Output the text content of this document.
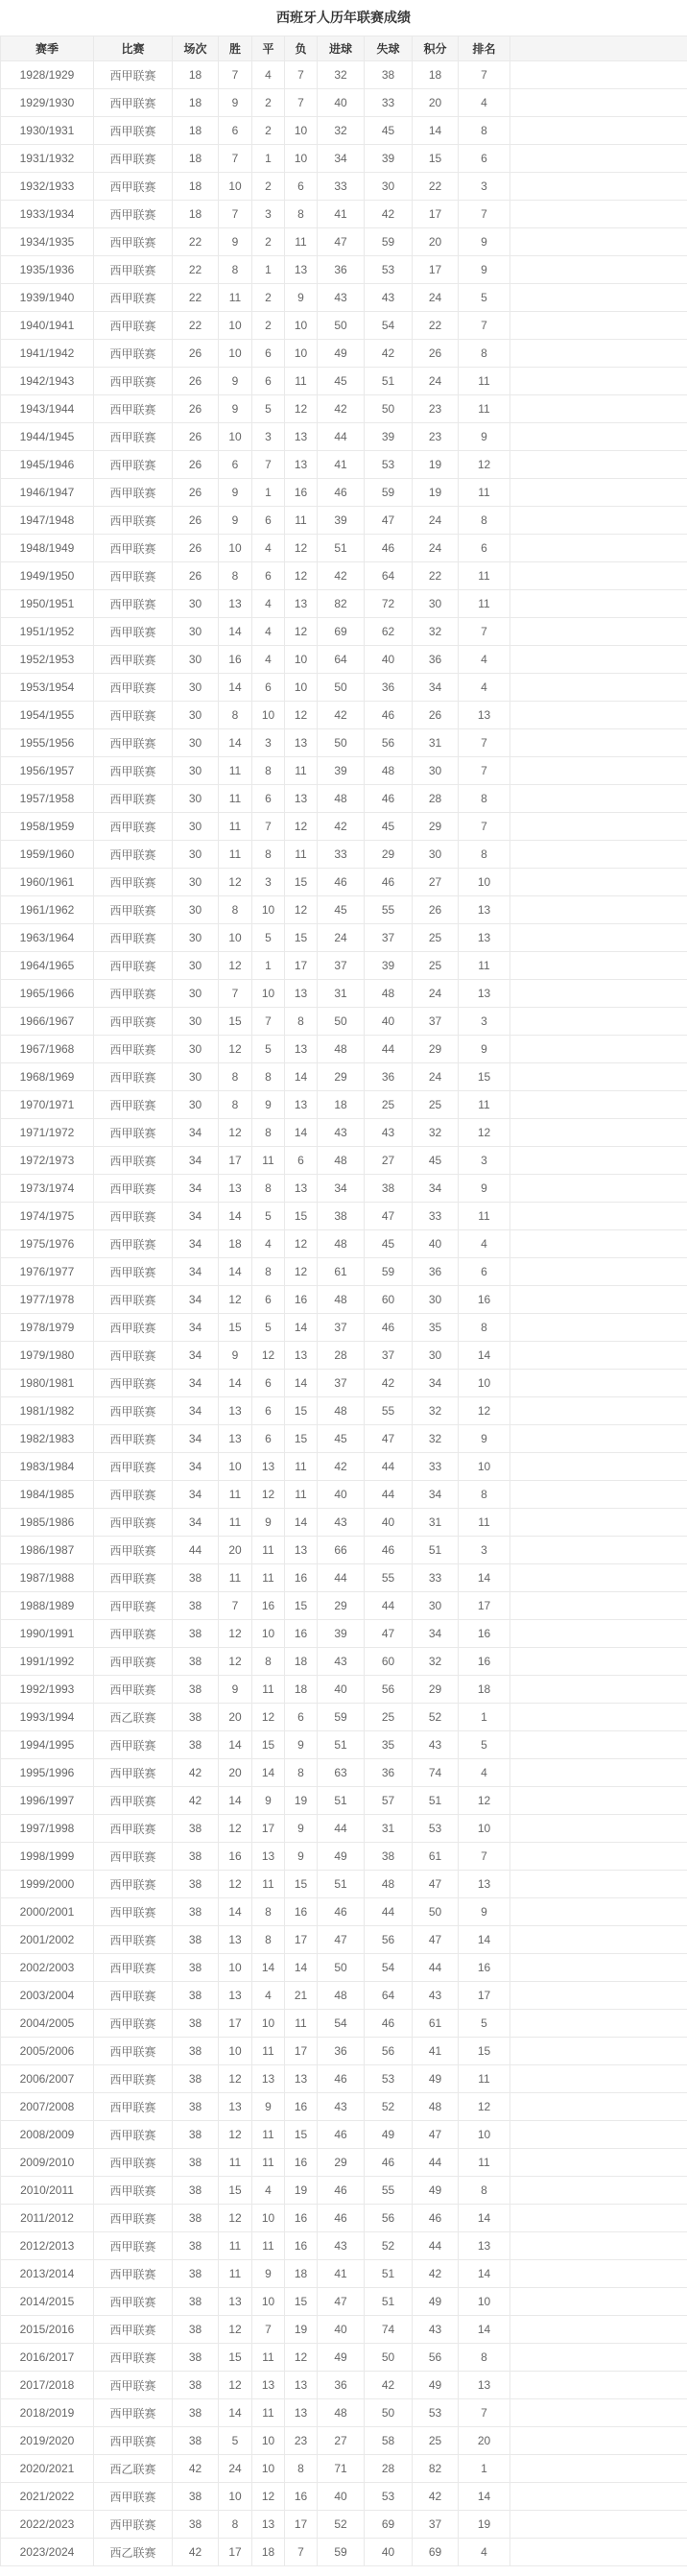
西班牙人历年联赛成绩
赛季	比赛	场次	胜	平	负	进球	失球	积分	排名	
1928/1929	西甲联赛	18	7	4	7	32	38	18	7	
1929/1930	西甲联赛	18	9	2	7	40	33	20	4	
1930/1931	西甲联赛	18	6	2	10	32	45	14	8	
1931/1932	西甲联赛	18	7	1	10	34	39	15	6	
1932/1933	西甲联赛	18	10	2	6	33	30	22	3	
1933/1934	西甲联赛	18	7	3	8	41	42	17	7	
1934/1935	西甲联赛	22	9	2	11	47	59	20	9	
1935/1936	西甲联赛	22	8	1	13	36	53	17	9	
1939/1940	西甲联赛	22	11	2	9	43	43	24	5	
1940/1941	西甲联赛	22	10	2	10	50	54	22	7	
1941/1942	西甲联赛	26	10	6	10	49	42	26	8	
1942/1943	西甲联赛	26	9	6	11	45	51	24	11	
1943/1944	西甲联赛	26	9	5	12	42	50	23	11	
1944/1945	西甲联赛	26	10	3	13	44	39	23	9	
1945/1946	西甲联赛	26	6	7	13	41	53	19	12	
1946/1947	西甲联赛	26	9	1	16	46	59	19	11	
1947/1948	西甲联赛	26	9	6	11	39	47	24	8	
1948/1949	西甲联赛	26	10	4	12	51	46	24	6	
1949/1950	西甲联赛	26	8	6	12	42	64	22	11	
1950/1951	西甲联赛	30	13	4	13	82	72	30	11	
1951/1952	西甲联赛	30	14	4	12	69	62	32	7	
1952/1953	西甲联赛	30	16	4	10	64	40	36	4	
1953/1954	西甲联赛	30	14	6	10	50	36	34	4	
1954/1955	西甲联赛	30	8	10	12	42	46	26	13	
1955/1956	西甲联赛	30	14	3	13	50	56	31	7	
1956/1957	西甲联赛	30	11	8	11	39	48	30	7	
1957/1958	西甲联赛	30	11	6	13	48	46	28	8	
1958/1959	西甲联赛	30	11	7	12	42	45	29	7	
1959/1960	西甲联赛	30	11	8	11	33	29	30	8	
1960/1961	西甲联赛	30	12	3	15	46	46	27	10	
1961/1962	西甲联赛	30	8	10	12	45	55	26	13	
1963/1964	西甲联赛	30	10	5	15	24	37	25	13	
1964/1965	西甲联赛	30	12	1	17	37	39	25	11	
1965/1966	西甲联赛	30	7	10	13	31	48	24	13	
1966/1967	西甲联赛	30	15	7	8	50	40	37	3	
1967/1968	西甲联赛	30	12	5	13	48	44	29	9	
1968/1969	西甲联赛	30	8	8	14	29	36	24	15	
1970/1971	西甲联赛	30	8	9	13	18	25	25	11	
1971/1972	西甲联赛	34	12	8	14	43	43	32	12	
1972/1973	西甲联赛	34	17	11	6	48	27	45	3	
1973/1974	西甲联赛	34	13	8	13	34	38	34	9	
1974/1975	西甲联赛	34	14	5	15	38	47	33	11	
1975/1976	西甲联赛	34	18	4	12	48	45	40	4	
1976/1977	西甲联赛	34	14	8	12	61	59	36	6	
1977/1978	西甲联赛	34	12	6	16	48	60	30	16	
1978/1979	西甲联赛	34	15	5	14	37	46	35	8	
1979/1980	西甲联赛	34	9	12	13	28	37	30	14	
1980/1981	西甲联赛	34	14	6	14	37	42	34	10	
1981/1982	西甲联赛	34	13	6	15	48	55	32	12	
1982/1983	西甲联赛	34	13	6	15	45	47	32	9	
1983/1984	西甲联赛	34	10	13	11	42	44	33	10	
1984/1985	西甲联赛	34	11	12	11	40	44	34	8	
1985/1986	西甲联赛	34	11	9	14	43	40	31	11	
1986/1987	西甲联赛	44	20	11	13	66	46	51	3	
1987/1988	西甲联赛	38	11	11	16	44	55	33	14	
1988/1989	西甲联赛	38	7	16	15	29	44	30	17	
1990/1991	西甲联赛	38	12	10	16	39	47	34	16	
1991/1992	西甲联赛	38	12	8	18	43	60	32	16	
1992/1993	西甲联赛	38	9	11	18	40	56	29	18	
1993/1994	西乙联赛	38	20	12	6	59	25	52	1	
1994/1995	西甲联赛	38	14	15	9	51	35	43	5	
1995/1996	西甲联赛	42	20	14	8	63	36	74	4	
1996/1997	西甲联赛	42	14	9	19	51	57	51	12	
1997/1998	西甲联赛	38	12	17	9	44	31	53	10	
1998/1999	西甲联赛	38	16	13	9	49	38	61	7	
1999/2000	西甲联赛	38	12	11	15	51	48	47	13	
2000/2001	西甲联赛	38	14	8	16	46	44	50	9	
2001/2002	西甲联赛	38	13	8	17	47	56	47	14	
2002/2003	西甲联赛	38	10	14	14	50	54	44	16	
2003/2004	西甲联赛	38	13	4	21	48	64	43	17	
2004/2005	西甲联赛	38	17	10	11	54	46	61	5	
2005/2006	西甲联赛	38	10	11	17	36	56	41	15	
2006/2007	西甲联赛	38	12	13	13	46	53	49	11	
2007/2008	西甲联赛	38	13	9	16	43	52	48	12	
2008/2009	西甲联赛	38	12	11	15	46	49	47	10	
2009/2010	西甲联赛	38	11	11	16	29	46	44	11	
2010/2011	西甲联赛	38	15	4	19	46	55	49	8	
2011/2012	西甲联赛	38	12	10	16	46	56	46	14	
2012/2013	西甲联赛	38	11	11	16	43	52	44	13	
2013/2014	西甲联赛	38	11	9	18	41	51	42	14	
2014/2015	西甲联赛	38	13	10	15	47	51	49	10	
2015/2016	西甲联赛	38	12	7	19	40	74	43	14	
2016/2017	西甲联赛	38	15	11	12	49	50	56	8	
2017/2018	西甲联赛	38	12	13	13	36	42	49	13	
2018/2019	西甲联赛	38	14	11	13	48	50	53	7	
2019/2020	西甲联赛	38	5	10	23	27	58	25	20	
2020/2021	西乙联赛	42	24	10	8	71	28	82	1	
2021/2022	西甲联赛	38	10	12	16	40	53	42	14	
2022/2023	西甲联赛	38	8	13	17	52	69	37	19	
2023/2024	西乙联赛	42	17	18	7	59	40	69	4	
